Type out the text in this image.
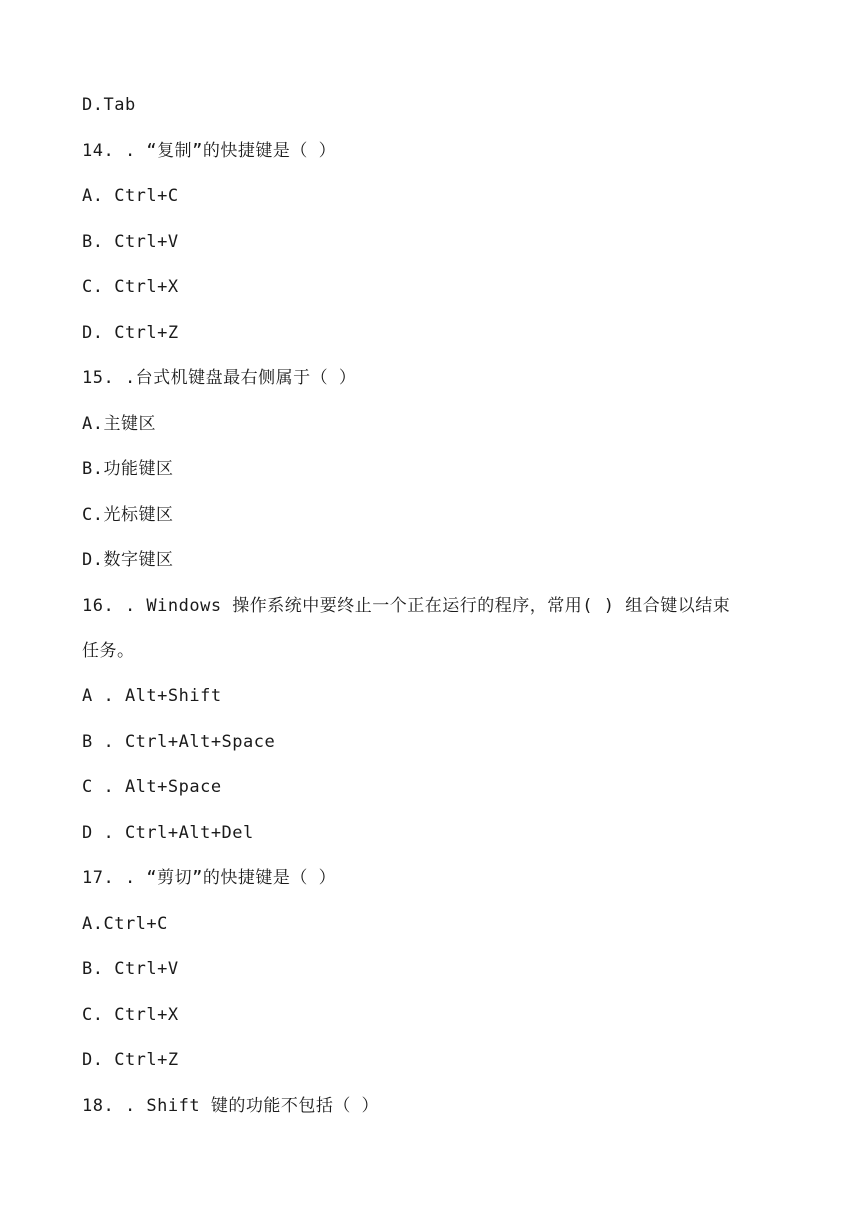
D.Tab
14. . “复制”的快捷键是（ ）
A. Ctrl+C
B. Ctrl+V
C. Ctrl+X
D. Ctrl+Z
15. .台式机键盘最右侧属于（ ）
A.主键区
B.功能键区
C.光标键区
D.数字键区
16. . Windows 操作系统中要终止一个正在运行的程序，常用( ) 组合键以结束
任务。
A . Alt+Shift
B . Ctrl+Alt+Space
C . Alt+Space
D . Ctrl+Alt+Del
17. . “剪切”的快捷键是（ ）
A.Ctrl+C
B. Ctrl+V
C. Ctrl+X
D. Ctrl+Z
18. . Shift 键的功能不包括（ ）
